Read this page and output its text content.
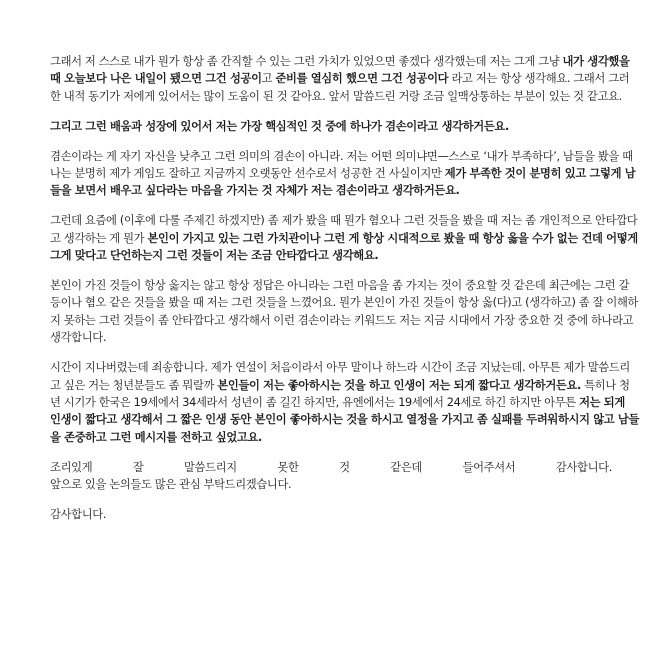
그래서 저 스스로 내가 뭔가 항상 좀 간직할 수 있는 그런 가치가 있었으면 좋겠다 생각했는데 저는 그게 그냥 내가 생각했을
때 오늘보다 나은 내일이 됐으면 그건 성공이고 준비를 열심히 했으면 그건 성공이다 라고 저는 항상 생각해요. 그래서 그러
한 내적 동기가 저에게 있어서는 많이 도움이 된 것 같아요. 앞서 말씀드린 거랑 조금 일맥상통하는 부분이 있는 것 같고요.

그리고 그런 배움과 성장에 있어서 저는 가장 핵심적인 것 중에 하나가 겸손이라고 생각하거든요.

겸손이라는 게 자기 자신을 낮추고 그런 의미의 겸손이 아니라. 저는 어떤 의미냐면—스스로 ‘내가 부족하다’, 남들을 봤을 때
나는 분명히 제가 게임도 잘하고 지금까지 오랫동안 선수로서 성공한 건 사실이지만 제가 부족한 것이 분명히 있고 그렇게 남
들을 보면서 배우고 싶다라는 마음을 가지는 것 자체가 저는 겸손이라고 생각하거든요.

그런데 요즘에 (이후에 다룰 주제긴 하겠지만) 좀 제가 봤을 때 뭔가 혐오나 그런 것들을 봤을 때 저는 좀 개인적으로 안타깝다
고 생각하는 게 뭔가 본인이 가지고 있는 그런 가치관이나 그런 게 항상 시대적으로 봤을 때 항상 옳을 수가 없는 건데 어떻게
그게 맞다고 단언하는지 그런 것들이 저는 조금 안타깝다고 생각해요.

본인이 가진 것들이 항상 옳지는 않고 항상 정답은 아니라는 그런 마음을 좀 가지는 것이 중요할 것 같은데 최근에는 그런 갈
등이나 혐오 같은 것들을 봤을 때 저는 그런 것들을 느꼈어요. 뭔가 본인이 가진 것들이 항상 옳(다)고 (생각하고) 좀 잘 이해하
지 못하는 그런 것들이 좀 안타깝다고 생각해서 이런 겸손이라는 키워드도 저는 지금 시대에서 가장 중요한 것 중에 하나라고
생각합니다.

시간이 지나버렸는데 죄송합니다. 제가 연설이 처음이라서 아무 말이나 하느라 시간이 조금 지났는데. 아무튼 제가 말씀드리
고 싶은 거는 청년분들도 좀 뭐랄까 본인들이 저는 좋아하시는 것을 하고 인생이 저는 되게 짧다고 생각하거든요. 특히나 청
년 시기가 한국은 19세에서 34세라서 성년이 좀 길긴 하지만, 유엔에서는 19세에서 24세로 하긴 하지만 아무튼 저는 되게
인생이 짧다고 생각해서 그 짧은 인생 동안 본인이 좋아하시는 것을 하시고 열정을 가지고 좀 실패를 두려워하시지 않고 남들
을 존중하고 그런 메시지를 전하고 싶었고요.

조리있게 잘 말씀드리지 못한 것 같은데 들어주셔서 감사합니다.
앞으로 있을 논의들도 많은 관심 부탁드리겠습니다.

감사합니다.
